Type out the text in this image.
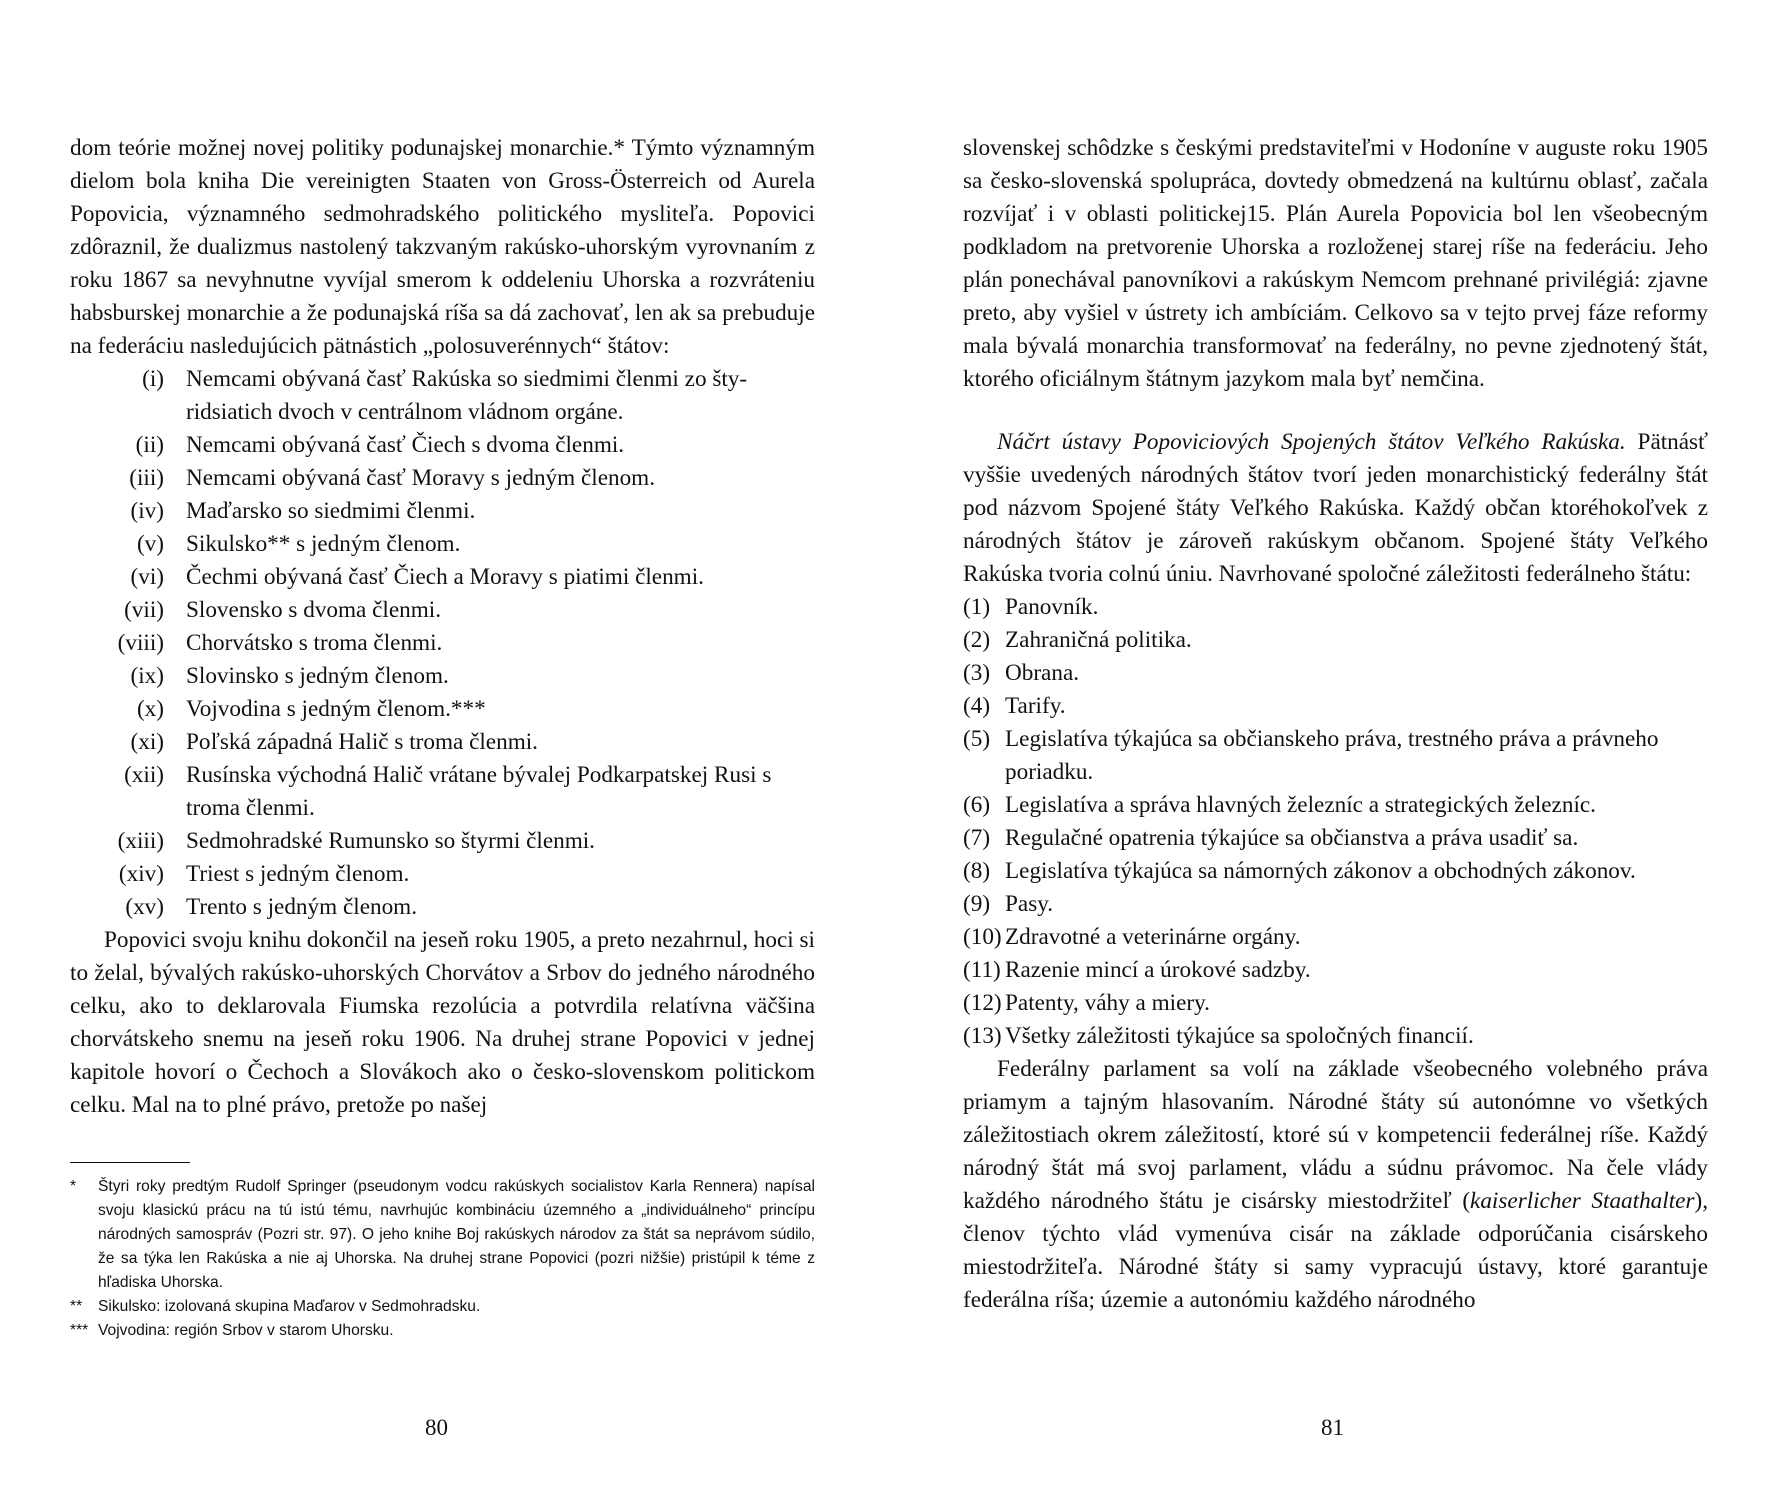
dom teórie možnej novej politiky podunajskej monarchie.* Týmto významným dielom bola kniha Die vereinigten Staaten von Gross-Österreich od Aurela Popovicia, významného sedmohradského politického mysliteľa. Popovici zdôraznil, že dualizmus nastolený takzvaným rakúsko-uhorským vyrovnaním z roku 1867 sa nevyhnutne vyvíjal smerom k oddeleniu Uhorska a rozvráteniu habsburskej monarchie a že podunajská ríša sa dá zachovať, len ak sa prebuduje na federáciu nasledujúcich pätnástich „polosuverénnych“ štátov:

(i) Nemcami obývaná časť Rakúska so siedmimi členmi zo štyridsiatich dvoch v centrálnom vládnom orgáne.
(ii) Nemcami obývaná časť Čiech s dvoma členmi.
(iii) Nemcami obývaná časť Moravy s jedným členom.
(iv) Maďarsko so siedmimi členmi.
(v) Sikulsko** s jedným členom.
(vi) Čechmi obývaná časť Čiech a Moravy s piatimi členmi.
(vii) Slovensko s dvoma členmi.
(viii) Chorvátsko s troma členmi.
(ix) Slovinsko s jedným členom.
(x) Vojvodina s jedným členom.***
(xi) Poľská západná Halič s troma členmi.
(xii) Rusínska východná Halič vrátane bývalej Podkarpatskej Rusi s troma členmi.
(xiii) Sedmohradské Rumunsko so štyrmi členmi.
(xiv) Triest s jedným členom.
(xv) Trento s jedným členom.

Popovici svoju knihu dokončil na jeseň roku 1905, a preto nezahrnul, hoci si to želal, bývalých rakúsko-uhorských Chorvátov a Srbov do jedného národného celku, ako to deklarovala Fiumska rezolúcia a potvrdila relatívna väčšina chorvátskeho snemu na jeseň roku 1906. Na druhej strane Popovici v jednej kapitole hovorí o Čechoch a Slovákoch ako o česko-slovenskom politickom celku. Mal na to plné právo, pretože po našej

*	Štyri roky predtým Rudolf Springer (pseudonym vodcu rakúskych socialistov Karla Rennera) napísal svoju klasickú prácu na tú istú tému, navrhujúc kombináciu územného a „individuálneho“ princípu národných samospráv (Pozri str. 97). O jeho knihe Boj rakúskych národov za štát sa neprávom súdilo, že sa týka len Rakúska a nie aj Uhorska. Na druhej strane Popovici (pozri nižšie) pristúpil k téme z hľadiska Uhorska.
**	Sikulsko: izolovaná skupina Maďarov v Sedmohradsku.
*** Vojvodina: región Srbov v starom Uhorsku.
80

slovenskej schôdzke s českými predstaviteľmi v Hodoníne v auguste roku 1905 sa česko-slovenská spolupráca, dovtedy obmedzená na kultúrnu oblasť, začala rozvíjať i v oblasti politickej15. Plán Aurela Popovicia bol len všeobecným podkladom na pretvorenie Uhorska a rozloženej starej ríše na federáciu. Jeho plán ponechával panovníkovi a rakúskym Nemcom prehnané privilégiá: zjavne preto, aby vyšiel v ústrety ich ambíciám. Celkovo sa v tejto prvej fáze reformy mala bývalá monarchia transformovať na federálny, no pevne zjednotený štát, ktorého oficiálnym štátnym jazykom mala byť nemčina.

Náčrt ústavy Popoviciových Spojených štátov Veľkého Rakúska. Pätnásť vyššie uvedených národných štátov tvorí jeden monarchistický federálny štát pod názvom Spojené štáty Veľkého Rakúska. Každý občan ktoréhokoľvek z národných štátov je zároveň rakúskym občanom. Spojené štáty Veľkého Rakúska tvoria colnú úniu. Navrhované spoločné záležitosti federálneho štátu:

(1) Panovník.
(2) Zahraničná politika.
(3) Obrana.
(4) Tarify.
(5) Legislatíva týkajúca sa občianskeho práva, trestného práva a právneho poriadku.
(6) Legislatíva a správa hlavných železníc a strategických železníc.
(7) Regulačné opatrenia týkajúce sa občianstva a práva usadiť sa.
(8) Legislatíva týkajúca sa námorných zákonov a obchodných zákonov.
(9) Pasy.
(10) Zdravotné a veterinárne orgány.
(11) Razenie mincí a úrokové sadzby.
(12) Patenty, váhy a miery.
(13) Všetky záležitosti týkajúce sa spoločných financií.

Federálny parlament sa volí na základe všeobecného volebného práva priamym a tajným hlasovaním. Národné štáty sú autonómne vo všetkých záležitostiach okrem záležitostí, ktoré sú v kompetencii federálnej ríše. Každý národný štát má svoj parlament, vládu a súdnu právomoc. Na čele vlády každého národného štátu je cisársky miestodržiteľ (kaiserlicher Staathalter), členov týchto vlád vymenúva cisár na základe odporúčania cisárskeho miestodržiteľa. Národné štáty si samy vypracujú ústavy, ktoré garantuje federálna ríša; územie a autonómiu každého národného

81
